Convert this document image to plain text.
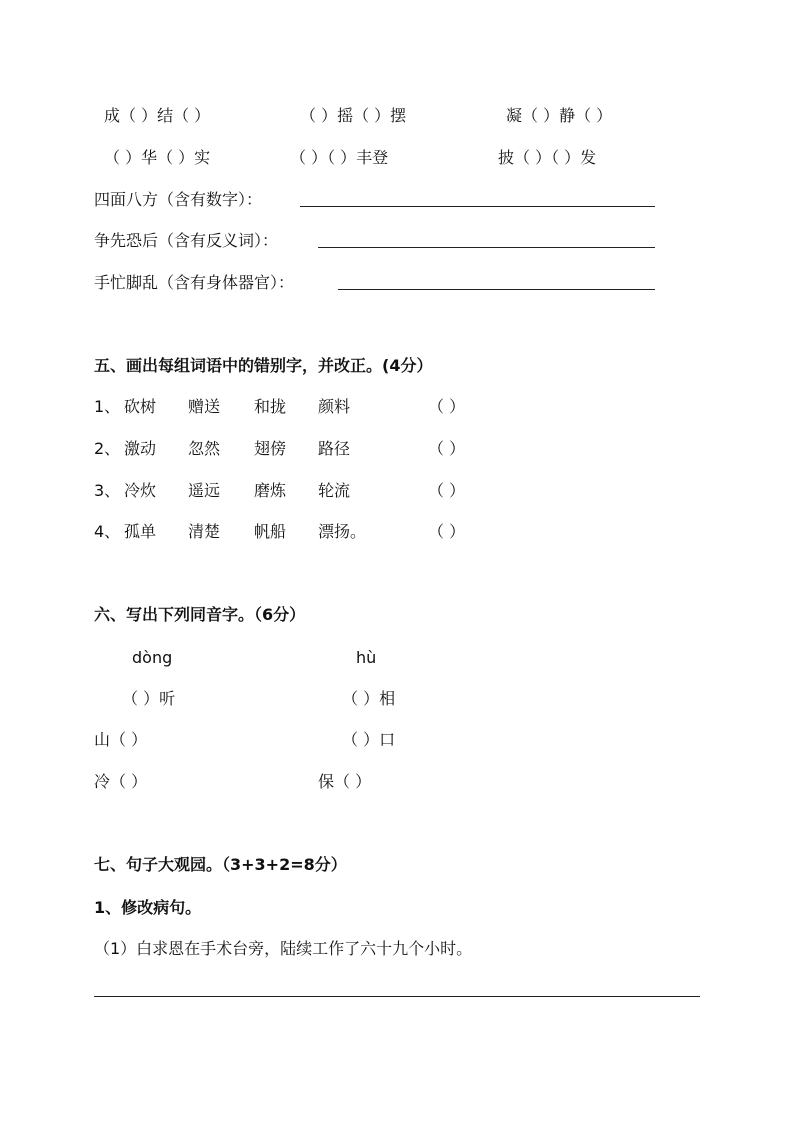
成（ ）结（ ）	（ ）摇（ ）摆	凝（ ）静（ ）
（ ）华（ ）实	（ ）（ ）丰登	披（ ）（ ）发
四面八方（含有数字）：
争先恐后（含有反义词）：
手忙脚乱（含有身体器官）：
五、画出每组词语中的错别字，并改正。(4分）
1、 砍树 赠送 和拢 颜料	（ ）
2、 激动 忽然 翅傍 路径	（ ）
3、 冷炊 遥远 磨炼 轮流	（ ）
4、 孤单 清楚 帆船 漂扬。	（ ）
六、写出下列同音字。（6分）
dòng	hù
（ ）听	（ ）相
山（ ）	（ ）口
冷（ ）	保（ ）
七、句子大观园。（3+3+2=8分）
1、修改病句。
（1）白求恩在手术台旁，陆续工作了六十九个小时。
